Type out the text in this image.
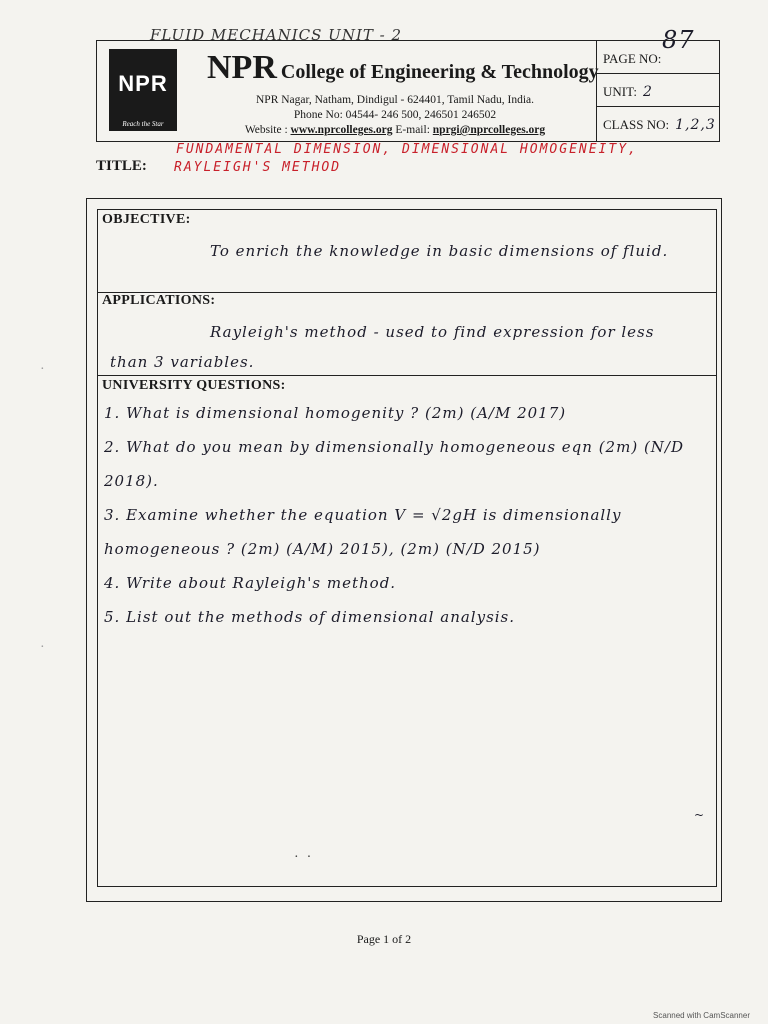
FLUID MECHANICS UNIT - 2	87
NPR
Reach the Star
NPR College of Engineering & Technology
NPR Nagar, Natham, Dindigul - 624401, Tamil Nadu, India.
Phone No: 04544- 246 500, 246501 246502
Website : www.nprcolleges.org E-mail: nprgi@nprcolleges.org
PAGE NO:
UNIT: 2
CLASS NO: 1,2,3
FUNDAMENTAL DIMENSION, DIMENSIONAL HOMOGENEITY,
TITLE: RAYLEIGH'S METHOD
OBJECTIVE:
To enrich the knowledge in basic dimensions of fluid.
APPLICATIONS:
Rayleigh's method - used to find expression for less than 3 variables.
UNIVERSITY QUESTIONS:

1. What is dimensional homogenity ? (2m) (A/M 2017)

2. What do you mean by dimensionally homogeneous eqn (2m) (N/D 2018).

3. Examine whether the equation V = √2gH is dimensionally homogeneous ? (2m) (A/M) 2015), (2m) (N/D 2015)

4. Write about Rayleigh's method.

5. List out the methods of dimensional analysis.

·
·
··
~
Page 1 of 2
Scanned with CamScanner
